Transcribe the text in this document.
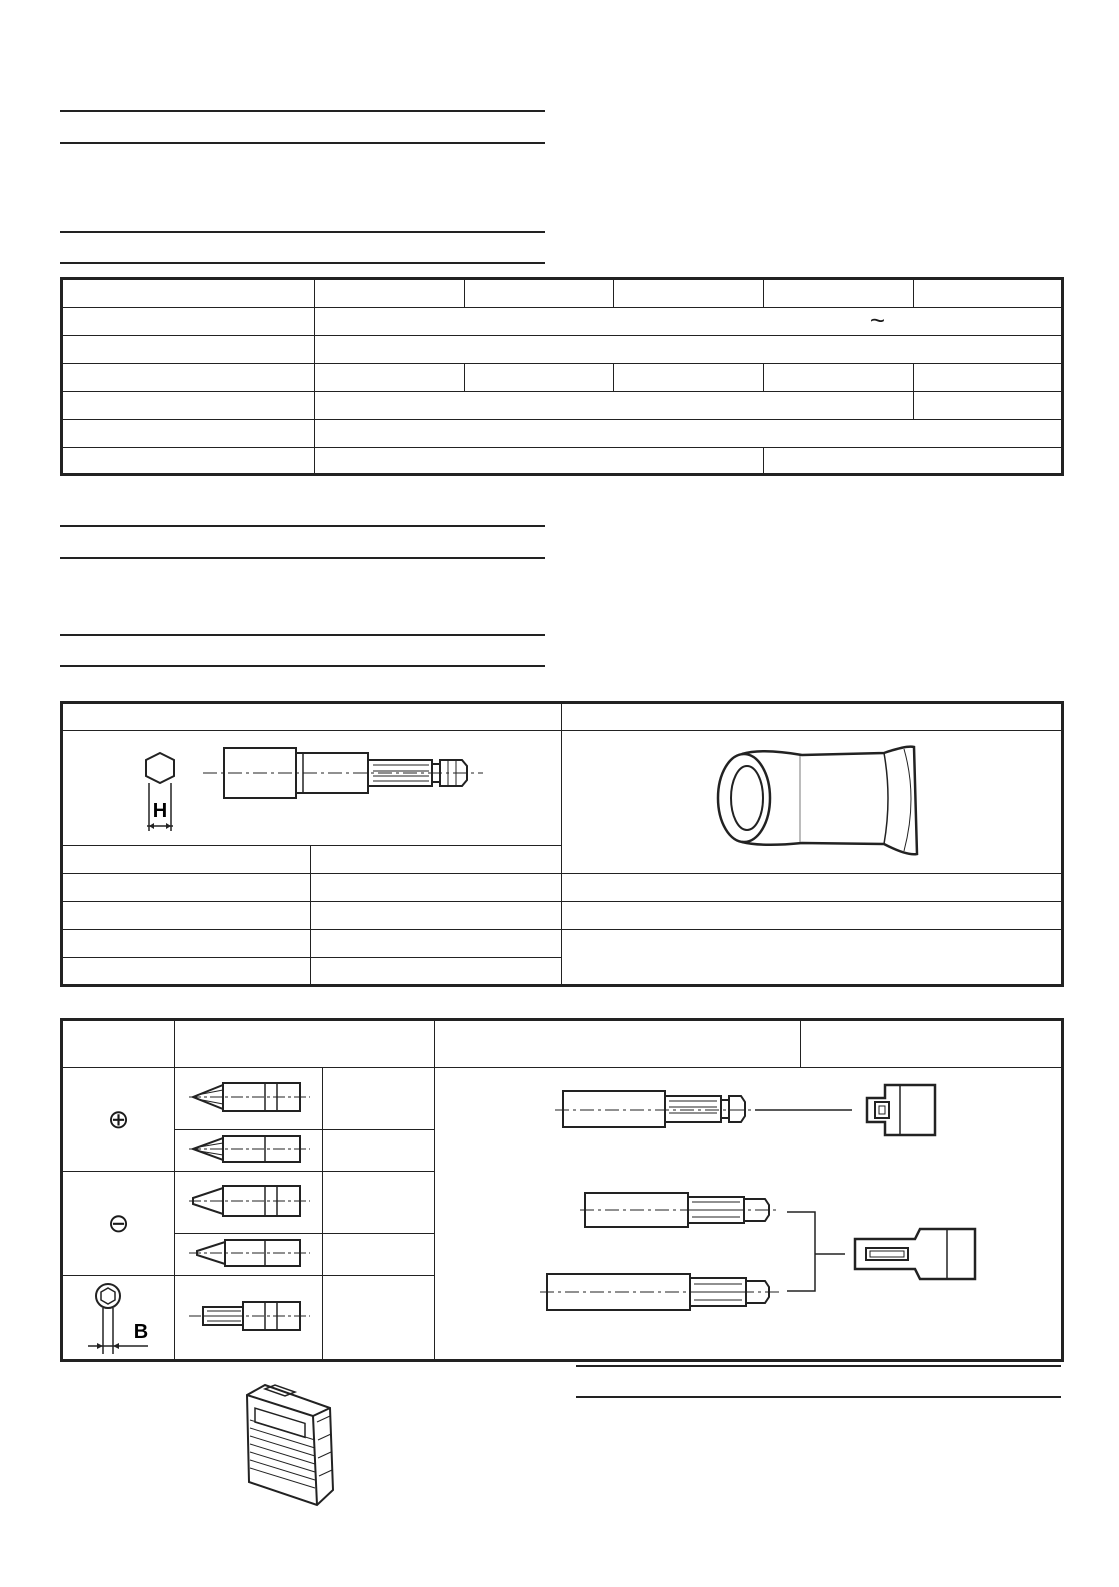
	~				

H

⊕			

⊖		

B
